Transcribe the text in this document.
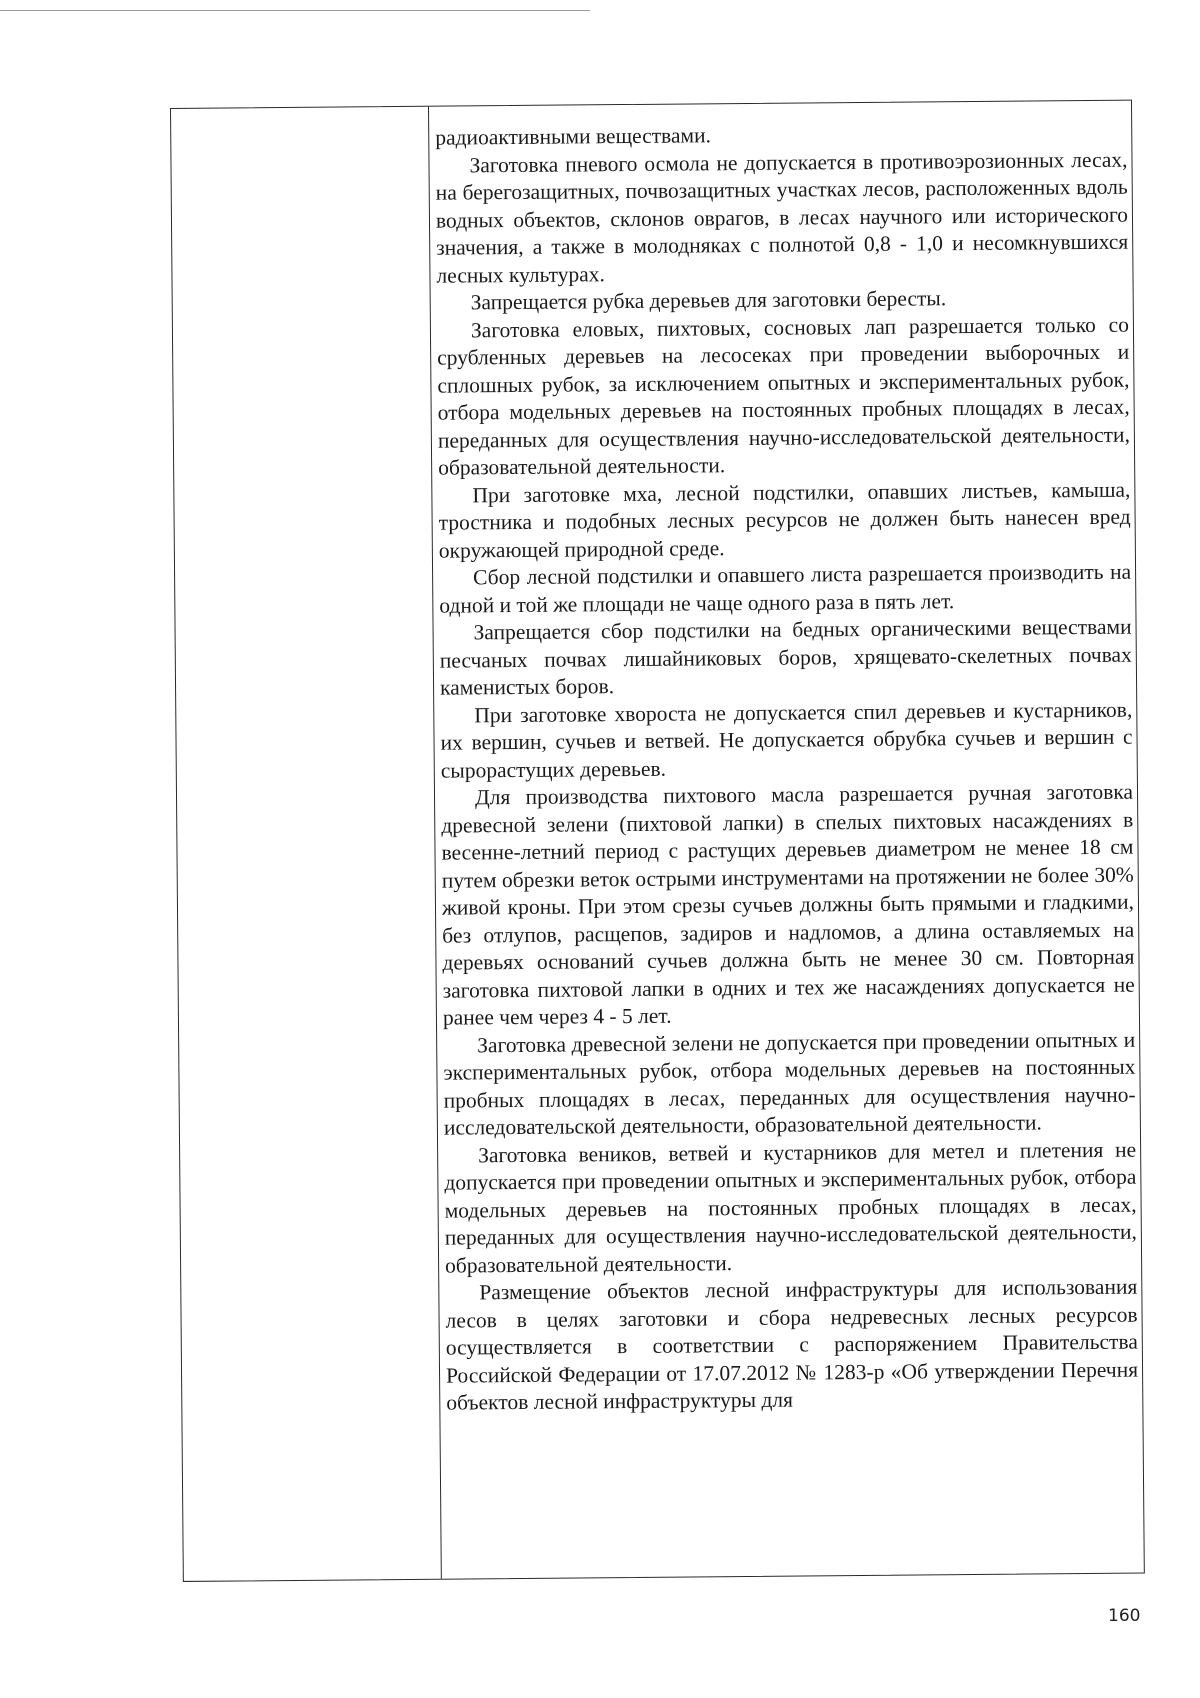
радиоактивными веществами.

Заготовка пневого осмола не допускается в противоэрозионных лесах, на берегозащитных, почвозащитных участках лесов, расположенных вдоль водных объектов, склонов оврагов, в лесах научного или исторического значения, а также в молодняках с полнотой 0,8 - 1,0 и несомкнувшихся лесных культурах.

Запрещается рубка деревьев для заготовки бересты.

Заготовка еловых, пихтовых, сосновых лап разрешается только со срубленных деревьев на лесосеках при проведении выборочных и сплошных рубок, за исключением опытных и экспериментальных рубок, отбора модельных деревьев на постоянных пробных площадях в лесах, переданных для осуществления научно-исследовательской деятельности, образовательной деятельности.

При заготовке мха, лесной подстилки, опавших листьев, камыша, тростника и подобных лесных ресурсов не должен быть нанесен вред окружающей природной среде.

Сбор лесной подстилки и опавшего листа разрешается производить на одной и той же площади не чаще одного раза в пять лет.

Запрещается сбор подстилки на бедных органическими веществами песчаных почвах лишайниковых боров, хрящевато-скелетных почвах каменистых боров.

При заготовке хвороста не допускается спил деревьев и кустарников, их вершин, сучьев и ветвей. Не допускается обрубка сучьев и вершин с сырорастущих деревьев.

Для производства пихтового масла разрешается ручная заготовка древесной зелени (пихтовой лапки) в спелых пихтовых насаждениях в весенне-летний период с растущих деревьев диаметром не менее 18 см путем обрезки веток острыми инструментами на протяжении не более 30% живой кроны. При этом срезы сучьев должны быть прямыми и гладкими, без отлупов, расщепов, задиров и надломов, а длина оставляемых на деревьях оснований сучьев должна быть не менее 30 см. Повторная заготовка пихтовой лапки в одних и тех же насаждениях допускается не ранее чем через 4 - 5 лет.

Заготовка древесной зелени не допускается при проведении опытных и экспериментальных рубок, отбора модельных деревьев на постоянных пробных площадях в лесах, переданных для осуществления научно-исследовательской деятельности, образовательной деятельности.

Заготовка веников, ветвей и кустарников для метел и плетения не допускается при проведении опытных и экспериментальных рубок, отбора модельных деревьев на постоянных пробных площадях в лесах, переданных для осуществления научно-исследовательской деятельности, образовательной деятельности.

Размещение объектов лесной инфраструктуры для использования лесов в целях заготовки и сбора недревесных лесных ресурсов осуществляется в соответствии с распоряжением Правительства Российской Федерации от 17.07.2012 № 1283-р «Об утверждении Перечня объектов лесной инфраструктуры для

160
